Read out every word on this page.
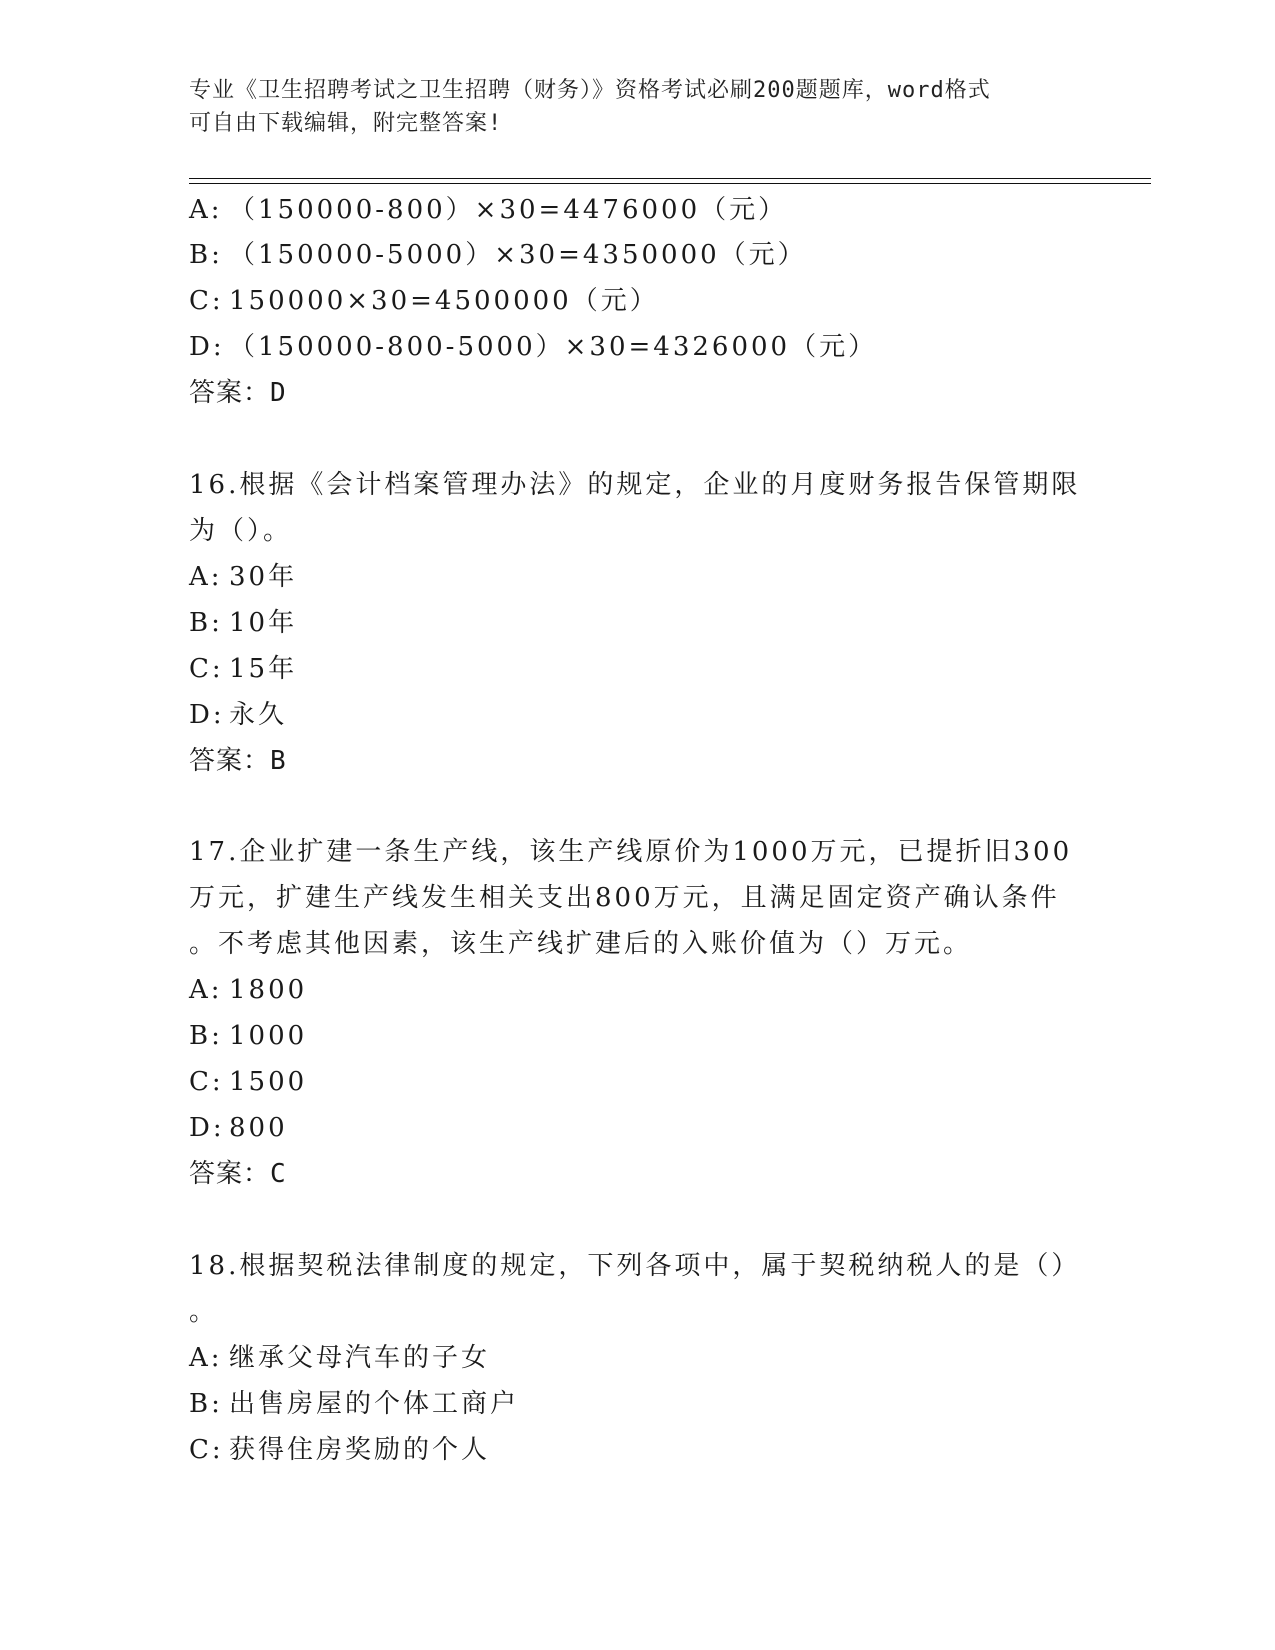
专业《卫生招聘考试之卫生招聘（财务）》资格考试必刷200题题库，word格式
可自由下载编辑，附完整答案!
A: （150000-800）×30=4476000（元）
B: （150000-5000）×30=4350000（元）
C: 150000×30=4500000（元）
D: （150000-800-5000）×30=4326000（元）
答案：D
16.根据《会计档案管理办法》的规定，企业的月度财务报告保管期限
为（）。
A: 30年
B: 10年
C: 15年
D: 永久
答案：B
17.企业扩建一条生产线，该生产线原价为1000万元，已提折旧300
万元，扩建生产线发生相关支出800万元，且满足固定资产确认条件
。不考虑其他因素，该生产线扩建后的入账价值为（）万元。
A: 1800
B: 1000
C: 1500
D: 800
答案：C
18.根据契税法律制度的规定，下列各项中，属于契税纳税人的是（）
。
A: 继承父母汽车的子女
B: 出售房屋的个体工商户
C: 获得住房奖励的个人
